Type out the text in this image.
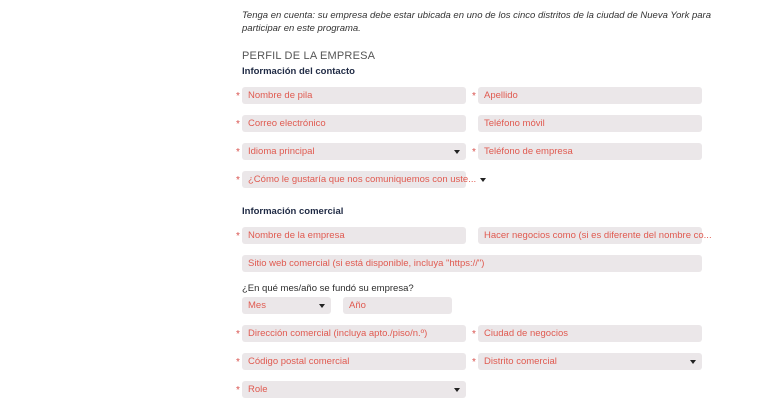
Tenga en cuenta: su empresa debe estar ubicada en uno de los cinco distritos de la ciudad de Nueva York para participar en este programa.
PERFIL DE LA EMPRESA
Información del contacto
* Nombre de pila	* Apellido
* Correo electrónico	Teléfono móvil
* Idioma principal	* Teléfono de empresa
* ¿Cómo le gustaría que nos comuniquemos con uste...
Información comercial
* Nombre de la empresa	Hacer negocios como (si es diferente del nombre co...
Sitio web comercial (si está disponible, incluya "https://")
¿En qué mes/año se fundó su empresa?
Mes	Año
* Dirección comercial (incluya apto./piso/n.º)	* Ciudad de negocios
* Código postal comercial	* Distrito comercial
* Role
